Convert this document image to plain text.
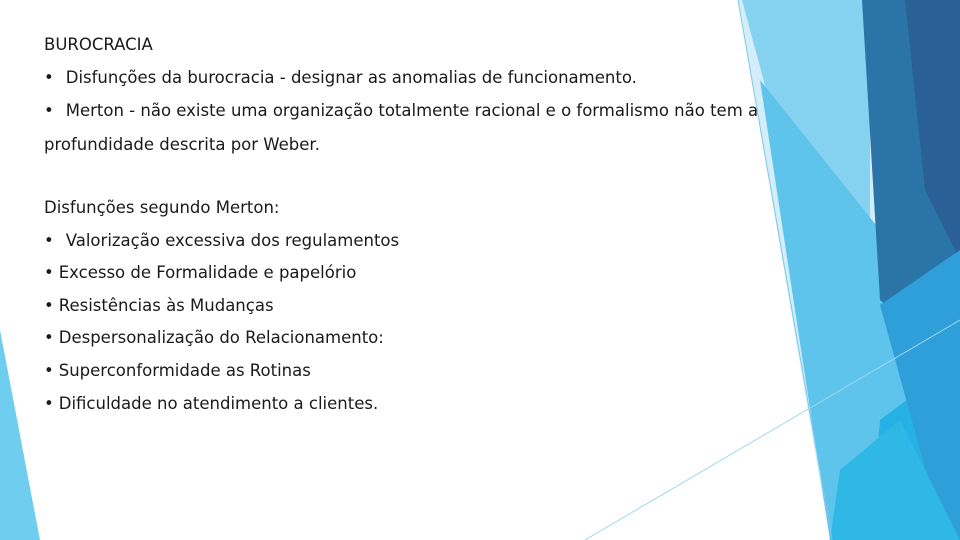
BUROCRACIA
• Disfunções da burocracia - designar as anomalias de funcionamento.
• Merton - não existe uma organização totalmente racional e o formalismo não tem a
profundidade descrita por Weber.
Disfunções segundo Merton:
• Valorização excessiva dos regulamentos
• Excesso de Formalidade e papelório
• Resistências às Mudanças
• Despersonalização do Relacionamento:
• Superconformidade as Rotinas
• Dificuldade no atendimento a clientes.
